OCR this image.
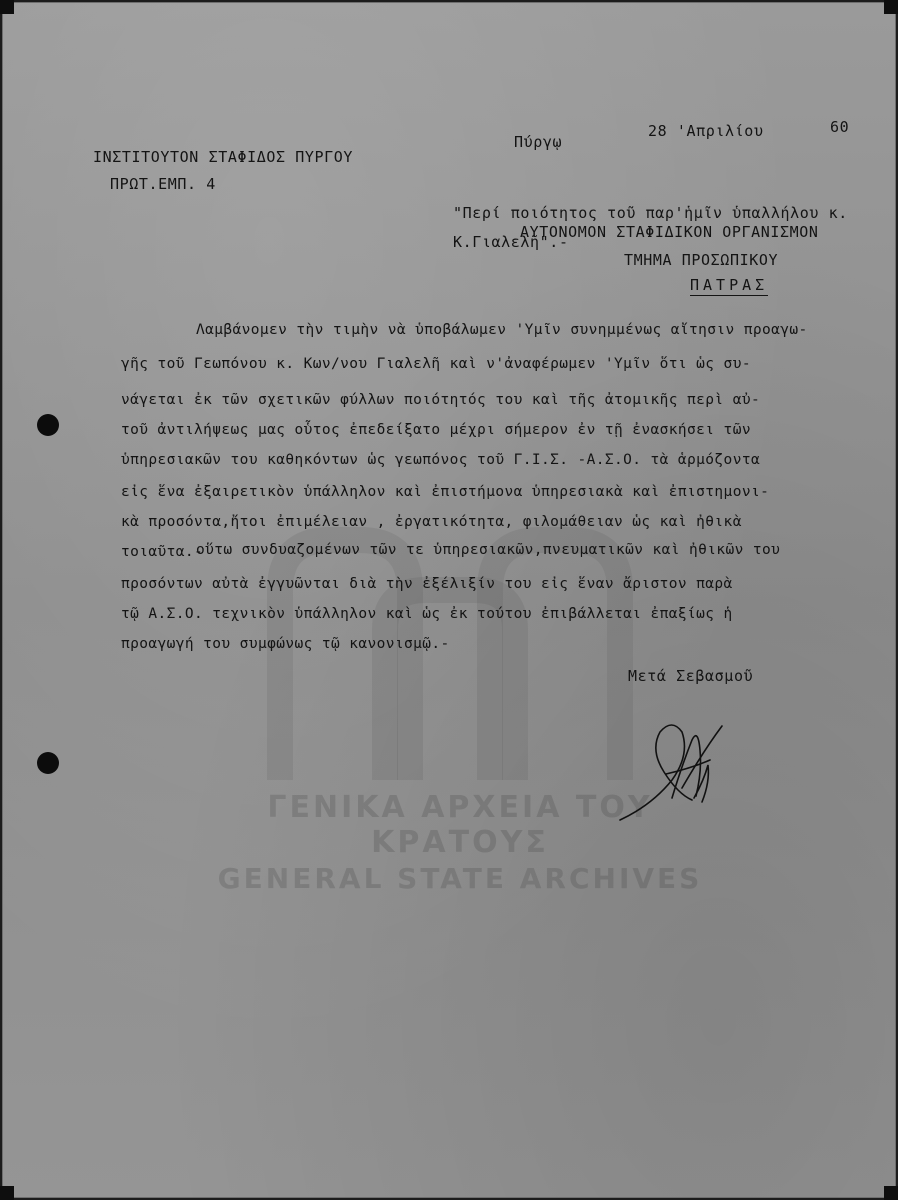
ΓΕΝΙΚΑ ΑΡΧΕΙΑ ΤΟΥ ΚΡΑΤΟΥΣ
GENERAL STATE ARCHIVES
Πύργῳ
28 'Απριλίου	60
ΙΝΣΤΙΤΟΥΤΟΝ ΣΤΑΦΙΔΟΣ ΠΥΡΓΟΥ
ΠΡΩΤ.ΕΜΠ. 4
"Περί ποιότητος τοῦ παρ'ἡμῖν ὑπαλλήλου κ.
Κ.Γιαλελῆ".-
ΑΥΤΟΝΟΜΟΝ ΣΤΑΦΙΔΙΚΟΝ ΟΡΓΑΝΙΣΜΟΝ
ΤΜΗΜΑ ΠΡΟΣΩΠΙΚΟΥ
ΠΑΤΡΑΣ
Λαμβάνομεν τὴν τιμὴν νὰ ὑποβάλωμεν 'Υμῖν συνημμένως αἴτησιν προαγω-
γῆς τοῦ Γεωπόνου κ. Κων/νου Γιαλελῆ καὶ ν'ἀναφέρωμεν 'Υμῖν ὅτι ὡς συ-
νάγεται ἐκ τῶν σχετικῶν φύλλων ποιότητός του καὶ τῆς ἀτομικῆς περὶ αὐ-
τοῦ ἀντιλήψεως μας οὗτος ἐπεδείξατο μέχρι σήμερον ἐν τῇ ἐνασκήσει τῶν
ὑπηρεσιακῶν του καθηκόντων ὡς γεωπόνος τοῦ Γ.Ι.Σ. -Α.Σ.Ο. τὰ ἁρμόζοντα
εἰς ἕνα ἐξαιρετικὸν ὑπάλληλον καὶ ἐπιστήμονα ὑπηρεσιακὰ καὶ ἐπιστημονι-
κὰ προσόντα,ἤτοι ἐπιμέλειαν , ἐργατικότητα, φιλομάθειαν ὡς καὶ ἠθικὰ
τοιαῦτα.-
οὕτω συνδυαζομένων τῶν τε ὑπηρεσιακῶν,πνευματικῶν καὶ ἠθικῶν του
προσόντων αὐτὰ ἐγγυῶνται διὰ τὴν ἐξέλιξίν του εἰς ἕναν ἄριστον παρὰ
τῷ Α.Σ.Ο. τεχνικὸν ὑπάλληλον καὶ ὡς ἐκ τούτου ἐπιβάλλεται ἐπαξίως ἡ
προαγωγή του συμφώνως τῷ κανονισμῷ.-
Μετά Σεβασμοῦ
